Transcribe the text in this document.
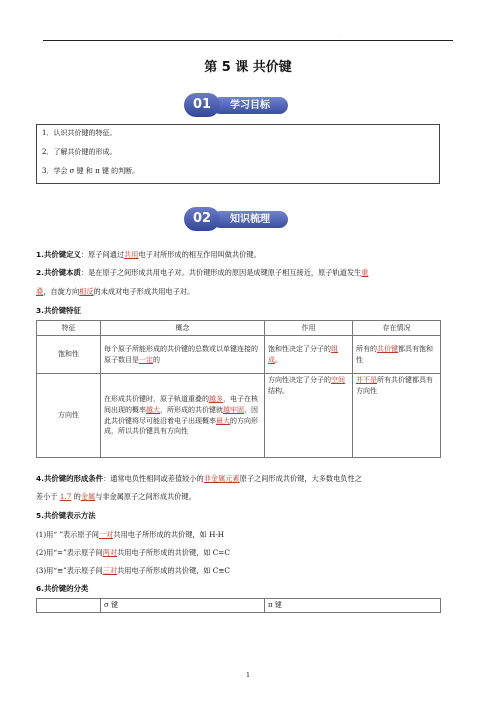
·
第 5 课 共价键
学习目标
01
1．认识共价键的特征。
2．了解共价键的形成。
3．学会 σ 键 和 π 键 的判断。
知识梳理
02
1.共价键定义：原子间通过共用电子对所形成的相互作用叫做共价键。
2.共价键本质：是在原子之间形成共用电子对。共价键形成的原因是成键原子相互接近，原子轨道发生重
叠，自旋方向相反的未成对电子形成共用电子对。
3.共价键特征
特征	概念	作用	存在情况
饱和性	每个原子所能形成的共价键的总数或以单键连接的原子数目是一定的	饱和性决定了分子的组成。	所有的共价键都具有饱和性
方向性	在形成共价键时，原子轨道重叠的越多，电子在核间出现的概率越大，所形成的共价键就越牢固，因此共价键将尽可能沿着电子出现概率最大的方向形成，所以共价键具有方向性	方向性决定了分子的空间结构。	并不是所有共价键都具有方向性
4.共价键的形成条件：通常电负性相同或差值较小的非金属元素原子之间形成共价键，大多数电负性之
差小于 1.7 的金属与非金属原子之间形成共价键。
5.共价键表示方法
(1)用“ ”表示原子间一对共用电子所形成的共价键，如 H-H
(2)用“=”表示原子间两对共用电子所形成的共价键，如 C=C
(3)用“≡”表示原子间三对共用电子所形成的共价键，如 C≡C
6.共价键的分类
	σ 键	π 键
1
